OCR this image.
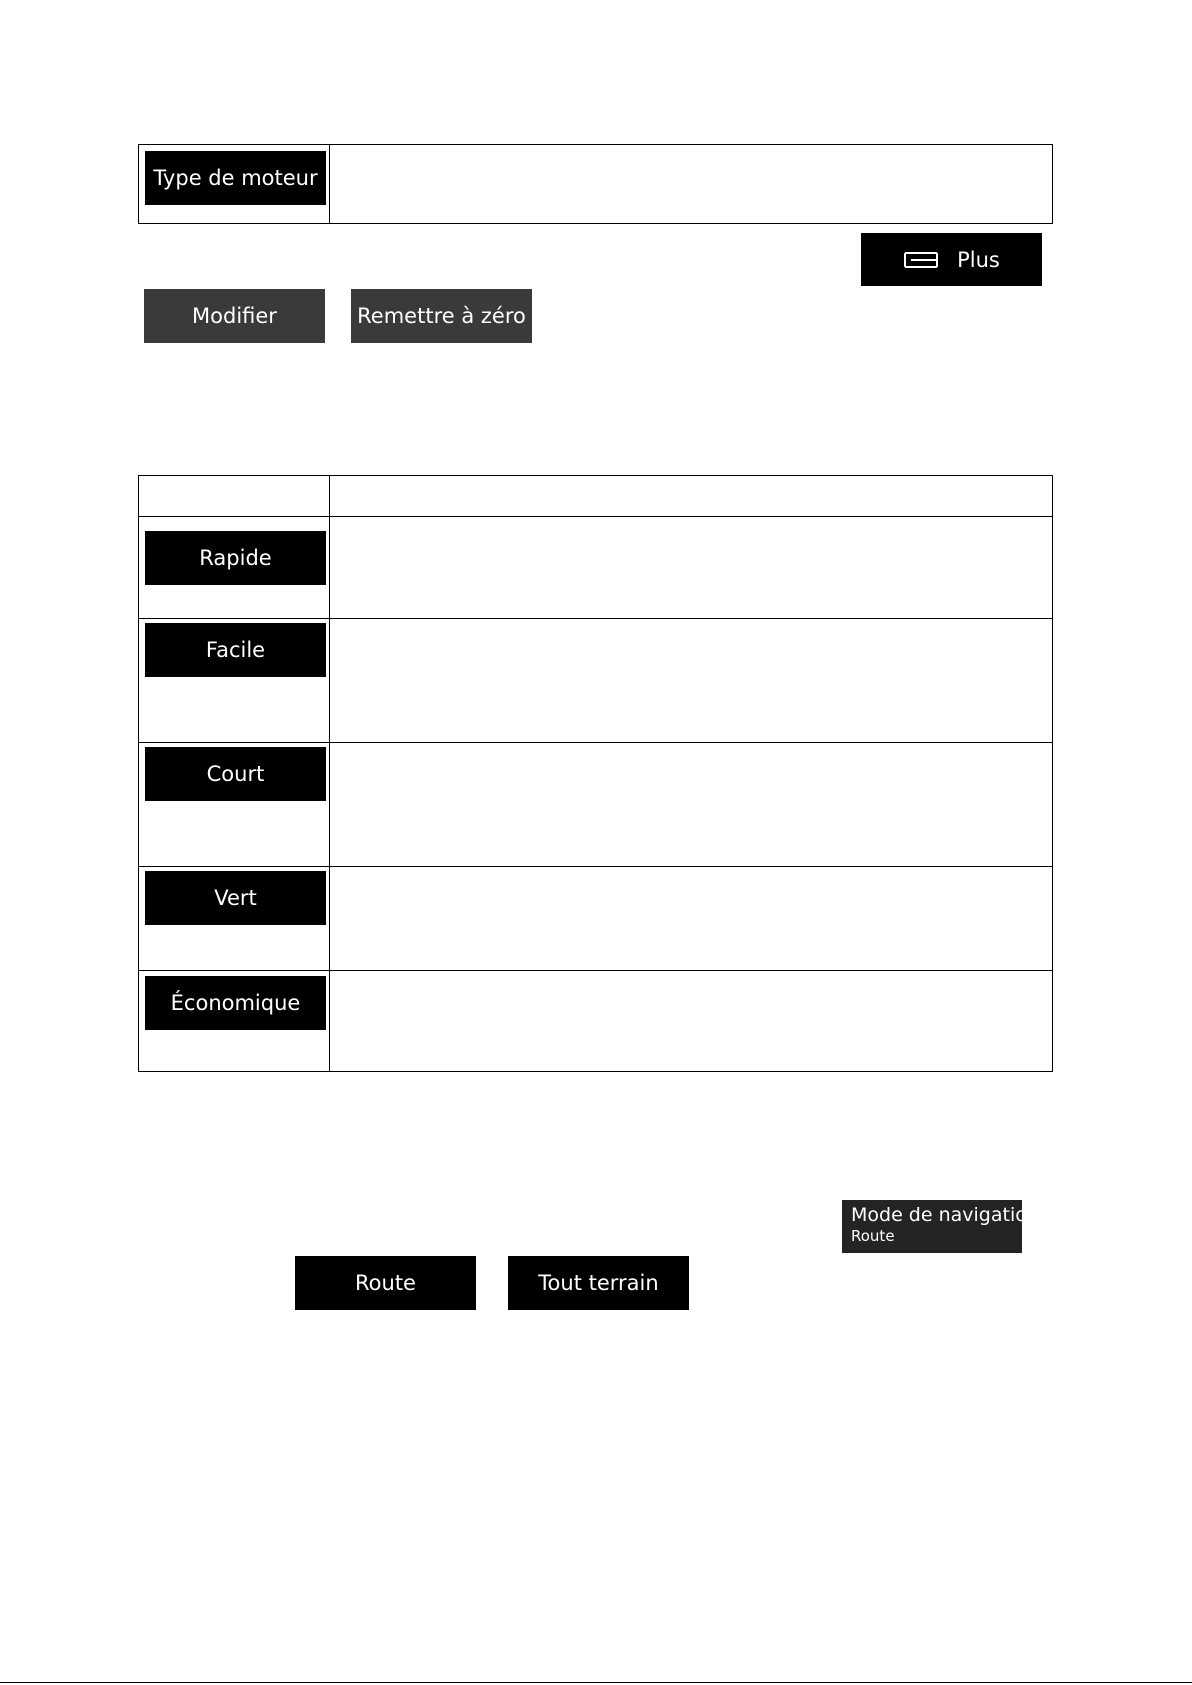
Type de moteur
Plus
Modifier	Remettre à zéro
Rapide
Facile
Court
Vert
Économique
Mode de navigation
Route
Route	Tout terrain
